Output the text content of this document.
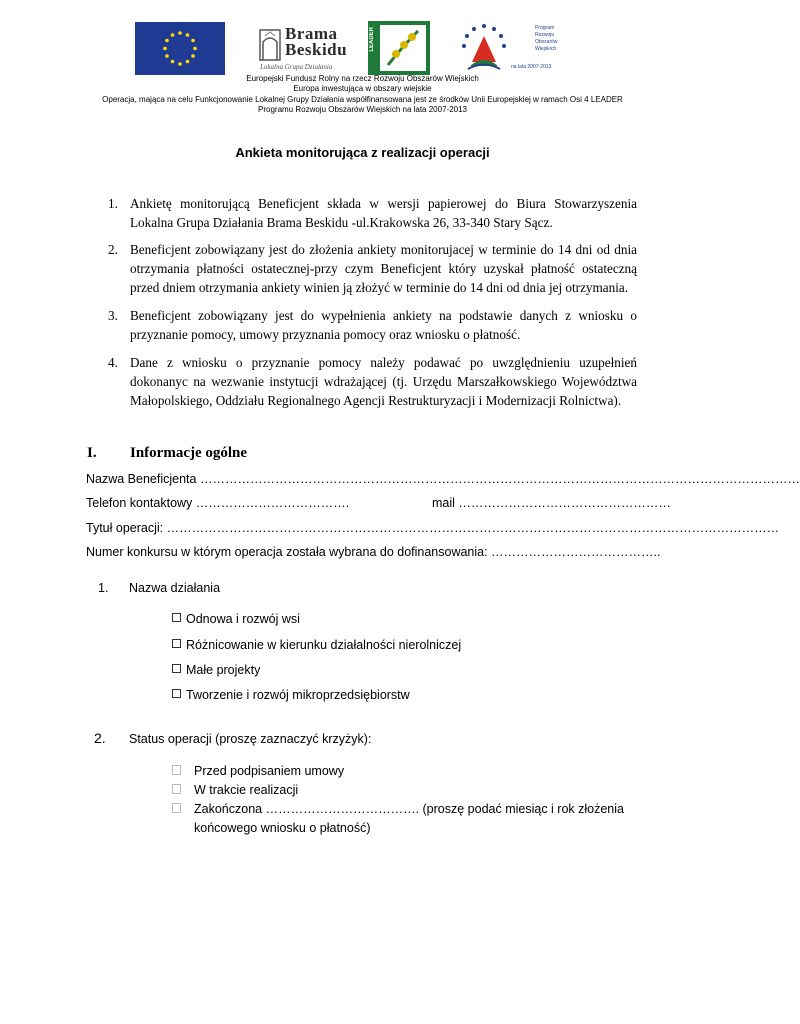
Brama
Beskidu
Lokalna Grupa Działania
LEADER	Program
Rozwoju
Obszarów
Wiejskich
na lata 2007-2013
Europejski Fundusz Rolny na rzecz Rozwoju Obszarów Wiejskich
Europa inwestująca w obszary wiejskie
Operacja, mająca na celu Funkcjonowanie Lokalnej Grupy Działania współfinansowana jest ze środków Unii Europejskiej w ramach Osi 4 LEADER
Programu Rozwoju Obszarów Wiejskich na lata 2007-2013
Ankieta monitorująca z realizacji operacji
1. Ankietę monitorującą Beneficjent składa w wersji papierowej do Biura Stowarzyszenia Lokalna Grupa Działania Brama Beskidu -ul.Krakowska 26, 33-340 Stary Sącz.
2. Beneficjent zobowiązany jest do złożenia ankiety monitorujacej w terminie do 14 dni od dnia otrzymania płatności ostatecznej-przy czym Beneficjent który uzyskał płatność ostateczną przed dniem otrzymania ankiety winien ją złożyć w terminie do 14 dni od dnia jej otrzymania.
3. Beneficjent zobowiązany jest do wypełnienia ankiety na podstawie danych z wniosku o przyznanie pomocy, umowy przyznania pomocy oraz wniosku o płatność.
4. Dane z wniosku o przyznanie pomocy należy podawać po uwzględnieniu uzupełnień dokonanyc na wezwanie instytucji wdrażającej (tj. Urzędu Marszałkowskiego Województwa Małopolskiego, Oddziału Regionalnego Agencji Restrukturyzacji i Modernizacji Rolnictwa).
I. Informacje ogólne
Nazwa Beneficjenta ………………………………………………………………………………………………………………………………
Telefon kontaktowy ……………………………….	mail ……………………………………………
Tytuł operacji: …………………………………………………………………………………………………………………………………
Numer konkursu w którym operacja została wybrana do dofinansowania: …………………………………..
1. Nazwa działania
Odnowa i rozwój wsi
Różnicowanie w kierunku działalności nierolniczej
Małe projekty
Tworzenie i rozwój mikroprzedsiębiorstw
2. Status operacji (proszę zaznaczyć krzyżyk):
Przed podpisaniem umowy
W trakcie realizacji
Zakończona ………………………………. (proszę podać miesiąc i rok złożenia
końcowego wniosku o płatność)
